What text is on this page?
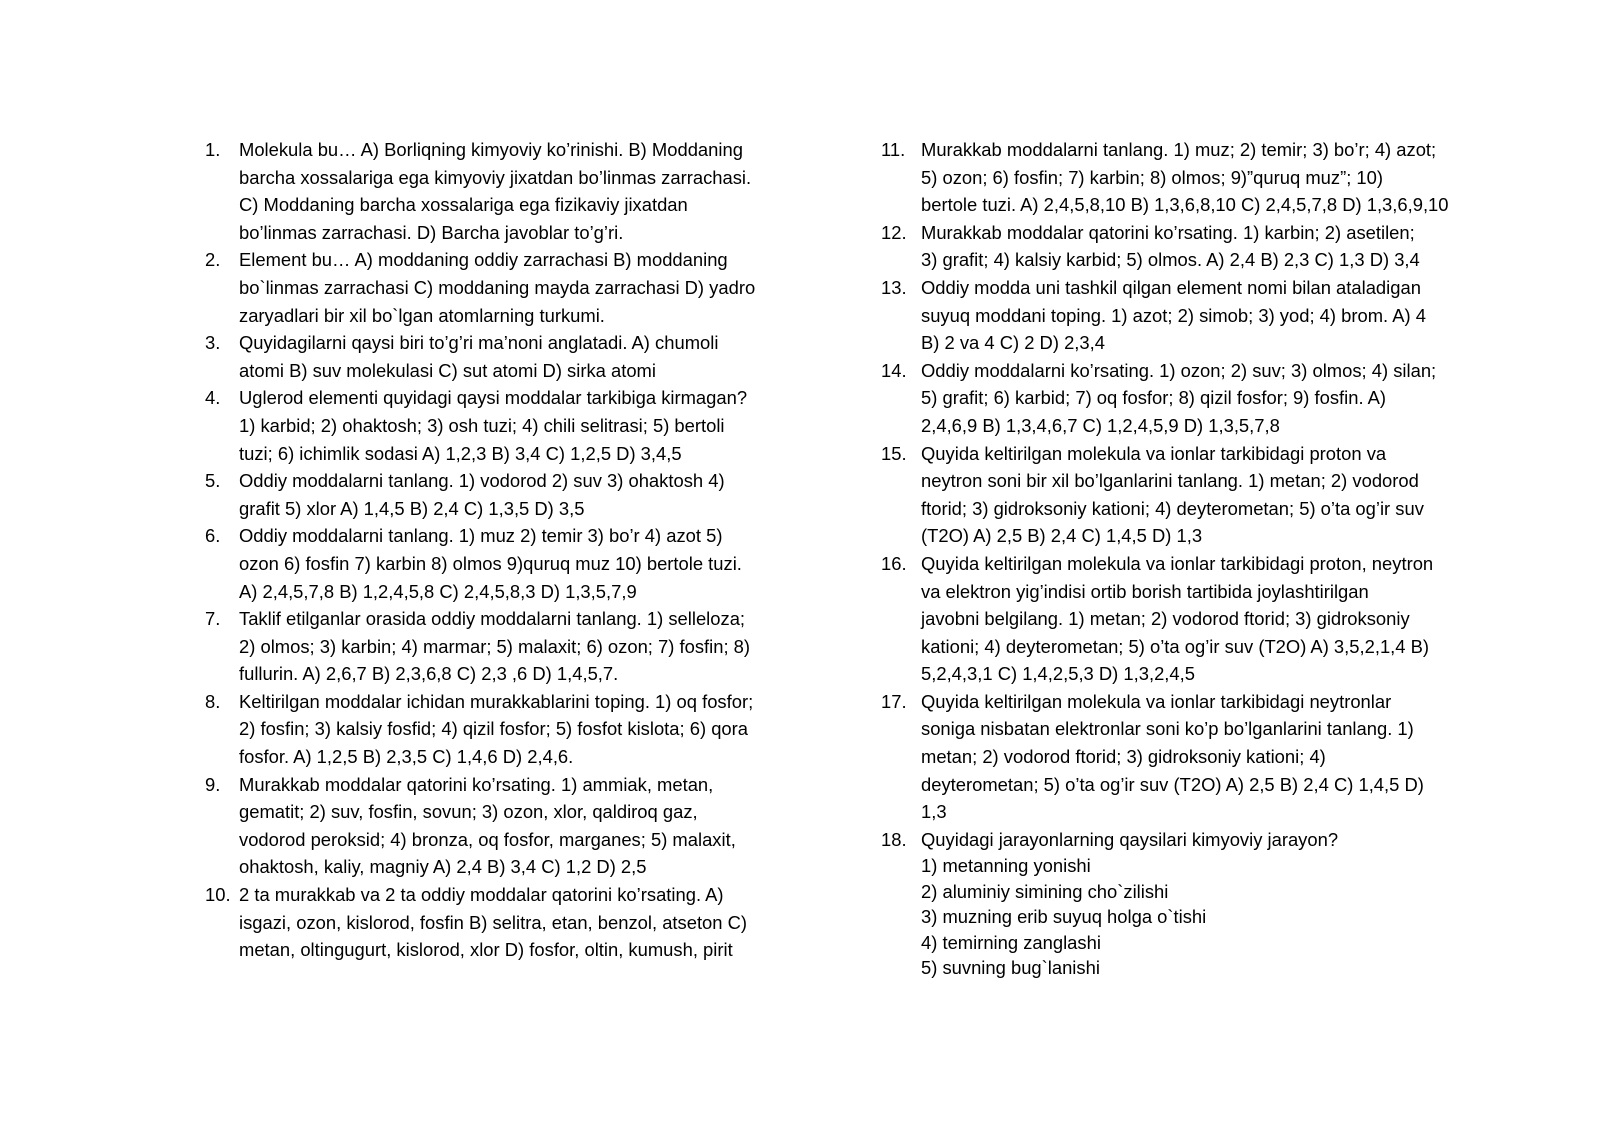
1. Molekula bu… A) Borliqning kimyoviy ko’rinishi. B) Moddaning
barcha xossalariga ega kimyoviy jixatdan bo’linmas zarrachasi.
C) Moddaning barcha xossalariga ega fizikaviy jixatdan
bo’linmas zarrachasi. D) Barcha javoblar to’g’ri.
2. Element bu… A) moddaning oddiy zarrachasi B) moddaning
bo`linmas zarrachasi C) moddaning mayda zarrachasi D) yadro
zaryadlari bir xil bo`lgan atomlarning turkumi.
3. Quyidagilarni qaysi biri to’g’ri ma’noni anglatadi. A) chumoli
atomi B) suv molekulasi C) sut atomi D) sirka atomi
4. Uglerod elementi quyidagi qaysi moddalar tarkibiga kirmagan?
1) karbid; 2) ohaktosh; 3) osh tuzi; 4) chili selitrasi; 5) bertoli
tuzi; 6) ichimlik sodasi A) 1,2,3 B) 3,4 C) 1,2,5 D) 3,4,5
5. Oddiy moddalarni tanlang. 1) vodorod 2) suv 3) ohaktosh 4)
grafit 5) xlor A) 1,4,5 B) 2,4 C) 1,3,5 D) 3,5
6. Oddiy moddalarni tanlang. 1) muz 2) temir 3) bo’r 4) azot 5)
ozon 6) fosfin 7) karbin 8) olmos 9)quruq muz 10) bertole tuzi.
A) 2,4,5,7,8 B) 1,2,4,5,8 C) 2,4,5,8,3 D) 1,3,5,7,9
7. Taklif etilganlar orasida oddiy moddalarni tanlang. 1) selleloza;
2) olmos; 3) karbin; 4) marmar; 5) malaxit; 6) ozon; 7) fosfin; 8)
fullurin. A) 2,6,7 B) 2,3,6,8 C) 2,3 ,6 D) 1,4,5,7.
8. Keltirilgan moddalar ichidan murakkablarini toping. 1) oq fosfor;
2) fosfin; 3) kalsiy fosfid; 4) qizil fosfor; 5) fosfot kislota; 6) qora
fosfor. A) 1,2,5 B) 2,3,5 C) 1,4,6 D) 2,4,6.
9. Murakkab moddalar qatorini ko’rsating. 1) ammiak, metan,
gematit; 2) suv, fosfin, sovun; 3) ozon, xlor, qaldiroq gaz,
vodorod peroksid; 4) bronza, oq fosfor, marganes; 5) malaxit,
ohaktosh, kaliy, magniy A) 2,4 B) 3,4 C) 1,2 D) 2,5
10. 2 ta murakkab va 2 ta oddiy moddalar qatorini ko’rsating. A)
isgazi, ozon, kislorod, fosfin B) selitra, etan, benzol, atseton C)
metan, oltingugurt, kislorod, xlor D) fosfor, oltin, kumush, pirit
11. Murakkab moddalarni tanlang. 1) muz; 2) temir; 3) bo’r; 4) azot;
5) ozon; 6) fosfin; 7) karbin; 8) olmos; 9)”quruq muz”; 10)
bertole tuzi. A) 2,4,5,8,10 B) 1,3,6,8,10 C) 2,4,5,7,8 D) 1,3,6,9,10
12. Murakkab moddalar qatorini ko’rsating. 1) karbin; 2) asetilen;
3) grafit; 4) kalsiy karbid; 5) olmos. A) 2,4 B) 2,3 C) 1,3 D) 3,4
13. Oddiy modda uni tashkil qilgan element nomi bilan ataladigan
suyuq moddani toping. 1) azot; 2) simob; 3) yod; 4) brom. A) 4
B) 2 va 4 C) 2 D) 2,3,4
14. Oddiy moddalarni ko’rsating. 1) ozon; 2) suv; 3) olmos; 4) silan;
5) grafit; 6) karbid; 7) oq fosfor; 8) qizil fosfor; 9) fosfin. A)
2,4,6,9 B) 1,3,4,6,7 C) 1,2,4,5,9 D) 1,3,5,7,8
15. Quyida keltirilgan molekula va ionlar tarkibidagi proton va
neytron soni bir xil bo’lganlarini tanlang. 1) metan; 2) vodorod
ftorid; 3) gidroksoniy kationi; 4) deyterometan; 5) o’ta og’ir suv
(T2O) A) 2,5 B) 2,4 C) 1,4,5 D) 1,3
16. Quyida keltirilgan molekula va ionlar tarkibidagi proton, neytron
va elektron yig’indisi ortib borish tartibida joylashtirilgan
javobni belgilang. 1) metan; 2) vodorod ftorid; 3) gidroksoniy
kationi; 4) deyterometan; 5) o’ta og’ir suv (T2O) A) 3,5,2,1,4 B)
5,2,4,3,1 C) 1,4,2,5,3 D) 1,3,2,4,5
17. Quyida keltirilgan molekula va ionlar tarkibidagi neytronlar
soniga nisbatan elektronlar soni ko’p bo’lganlarini tanlang. 1)
metan; 2) vodorod ftorid; 3) gidroksoniy kationi; 4)
deyterometan; 5) o’ta og’ir suv (T2O) A) 2,5 B) 2,4 C) 1,4,5 D)
1,3
18. Quyidagi jarayonlarning qaysilari kimyoviy jarayon?
1) metanning yonishi
2) aluminiy simining cho`zilishi
3) muzning erib suyuq holga o`tishi
4) temirning zanglashi
5) suvning bug`lanishi
